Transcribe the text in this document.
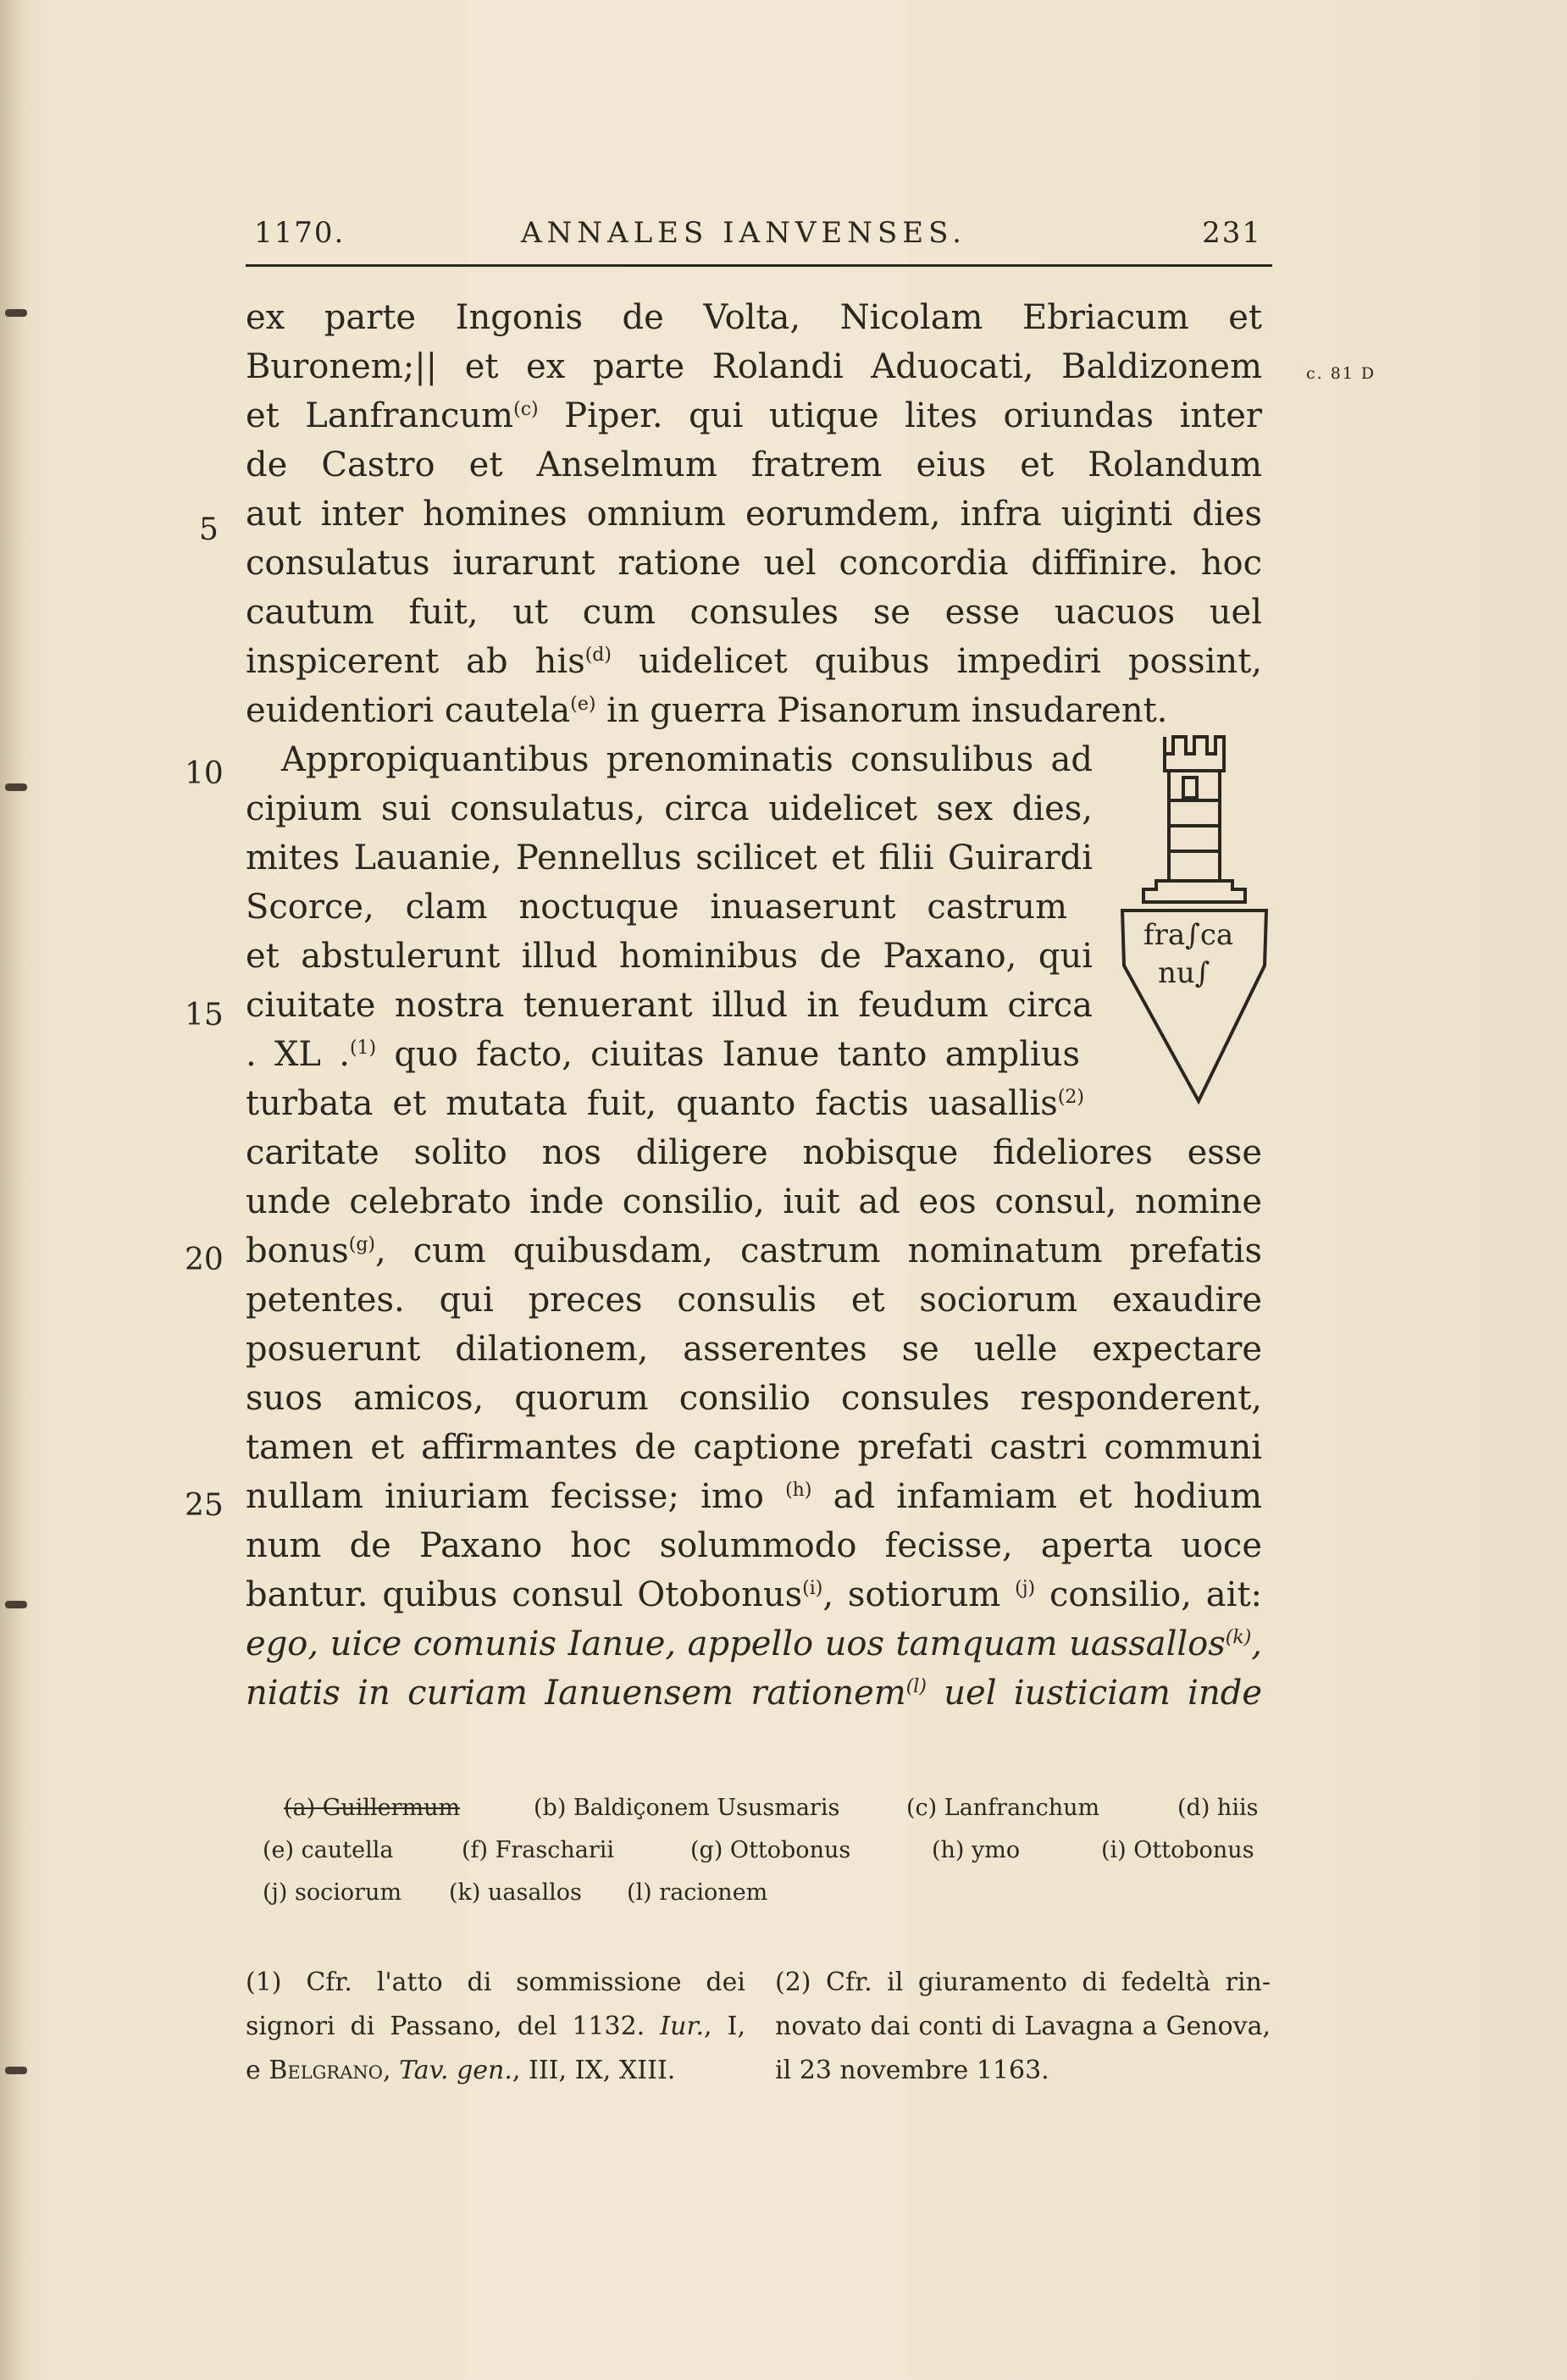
1170.	ANNALES IANVENSES.	231
c. 81 D
5
10
15
20
25
ex parte Ingonis de Volta, Nicolam Ebriacum et
Buronem;|| et ex parte Rolandi Aduocati, Baldizonem
et Lanfrancum$^{(c)}$ Piper. qui utique lites oriundas inter
de Castro et Anselmum fratrem eius et Rolandum
aut inter homines omnium eorumdem, infra uiginti dies
consulatus iurarunt ratione uel concordia diffinire. hoc
cautum fuit, ut cum consules se esse uacuos uel
inspicerent ab his$^{(d)}$ uidelicet quibus impediri possint,
euidentiori cautela$^{(e)}$ in guerra Pisanorum insudarent.
Appropiquantibus prenominatis consulibus ad
cipium sui consulatus, circa uidelicet sex dies,
mites Lauanie, Pennellus scilicet et filii Guirardi
Scorce, clam noctuque inuaserunt castrum
et abstulerunt illud hominibus de Paxano, qui
ciuitate nostra tenuerant illud in feudum circa
. XL .$^{(1)}$ quo facto, ciuitas Ianue tanto amplius
turbata et mutata fuit, quanto factis uasallis$^{(2)}$
caritate solito nos diligere nobisque fideliores esse
unde celebrato inde consilio, iuit ad eos consul, nomine
bonus$^{(g)}$, cum quibusdam, castrum nominatum prefatis
petentes. qui preces consulis et sociorum exaudire
posuerunt dilationem, asserentes se uelle expectare
suos amicos, quorum consilio consules responderent,
tamen et affirmantes de captione prefati castri communi
nullam iniuriam fecisse; imo $^{(h)}$ ad infamiam et hodium
num de Paxano hoc solummodo fecisse, aperta uoce
bantur. quibus consul Otobonus$^{(i)}$, sotiorum $^{(j)}$ consilio, ait:
ego, uice comunis Ianue, appello uos tamquam uassallos$^{(k)}$,
niatis in curiam Ianuensem rationem$^{(l)}$ uel iusticiam inde
fra∫ca
nu∫
(a) Guillermum	(b) Baldiçonem Ususmaris	(c) Lanfranchum	(d) hiis
(e) cautella	(f) Frascharii	(g) Ottobonus	(h) ymo	(i) Ottobonus
(j) sociorum (k) uasallos (l) racionem
(1) Cfr. l'atto di sommissione dei
signori di Passano, del 1132. Iur., I,
e Belgrano, Tav. gen., III, IX, XIII.
(2) Cfr. il giuramento di fedeltà rin-
novato dai conti di Lavagna a Genova,
il 23 novembre 1163.
